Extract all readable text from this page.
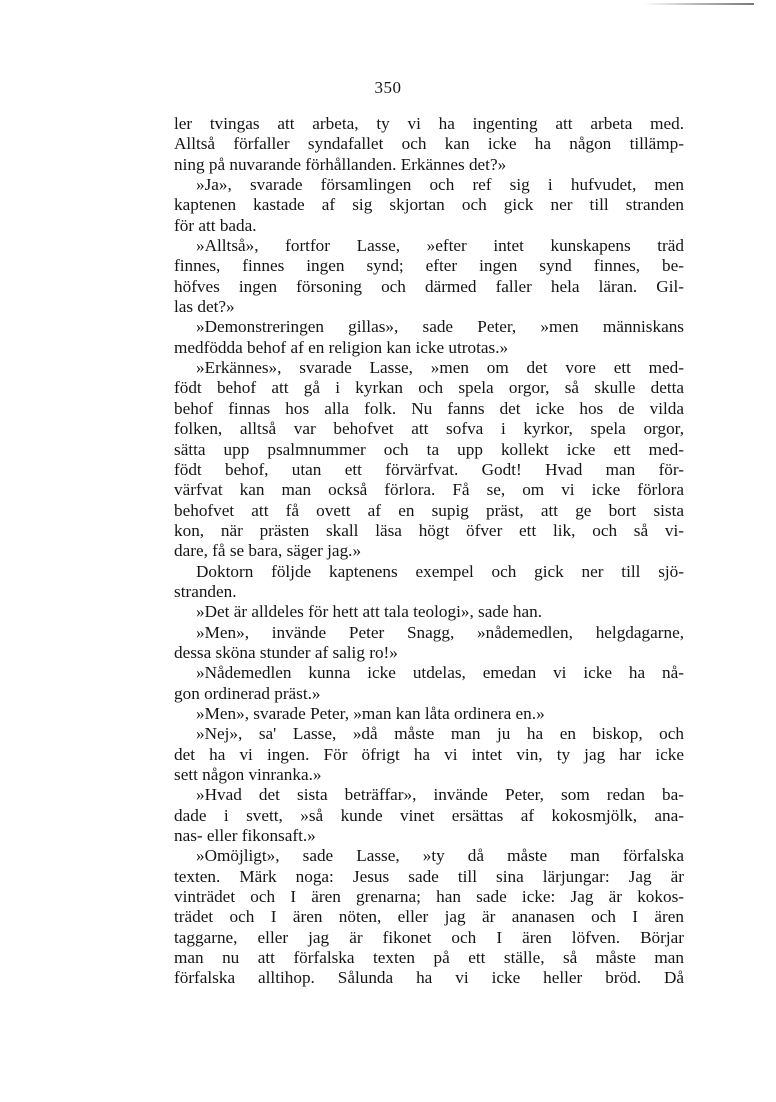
350
ler tvingas att arbeta, ty vi ha ingenting att arbeta med.
Alltså förfaller syndafallet och kan icke ha någon tillämp-
ning på nuvarande förhållanden. Erkännes det?»
»Ja», svarade församlingen och ref sig i hufvudet, men
kaptenen kastade af sig skjortan och gick ner till stranden
för att bada.
»Alltså», fortfor Lasse, »efter intet kunskapens träd
finnes, finnes ingen synd; efter ingen synd finnes, be-
höfves ingen försoning och därmed faller hela läran. Gil-
las det?»
»Demonstreringen gillas», sade Peter, »men människans
medfödda behof af en religion kan icke utrotas.»
»Erkännes», svarade Lasse, »men om det vore ett med-
födt behof att gå i kyrkan och spela orgor, så skulle detta
behof finnas hos alla folk. Nu fanns det icke hos de vilda
folken, alltså var behofvet att sofva i kyrkor, spela orgor,
sätta upp psalmnummer och ta upp kollekt icke ett med-
födt behof, utan ett förvärfvat. Godt! Hvad man för-
värfvat kan man också förlora. Få se, om vi icke förlora
behofvet att få ovett af en supig präst, att ge bort sista
kon, när prästen skall läsa högt öfver ett lik, och så vi-
dare, få se bara, säger jag.»
Doktorn följde kaptenens exempel och gick ner till sjö-
stranden.
»Det är alldeles för hett att tala teologi», sade han.
»Men», invände Peter Snagg, »nådemedlen, helgdagarne,
dessa sköna stunder af salig ro!»
»Nådemedlen kunna icke utdelas, emedan vi icke ha nå-
gon ordinerad präst.»
»Men», svarade Peter, »man kan låta ordinera en.»
»Nej», sa' Lasse, »då måste man ju ha en biskop, och
det ha vi ingen. För öfrigt ha vi intet vin, ty jag har icke
sett någon vinranka.»
»Hvad det sista beträffar», invände Peter, som redan ba-
dade i svett, »så kunde vinet ersättas af kokosmjölk, ana-
nas- eller fikonsaft.»
»Omöjligt», sade Lasse, »ty då måste man förfalska
texten. Märk noga: Jesus sade till sina lärjungar: Jag är
vinträdet och I ären grenarna; han sade icke: Jag är kokos-
trädet och I ären nöten, eller jag är ananasen och I ären
taggarne, eller jag är fikonet och I ären löfven. Börjar
man nu att förfalska texten på ett ställe, så måste man
förfalska alltihop. Sålunda ha vi icke heller bröd. Då
